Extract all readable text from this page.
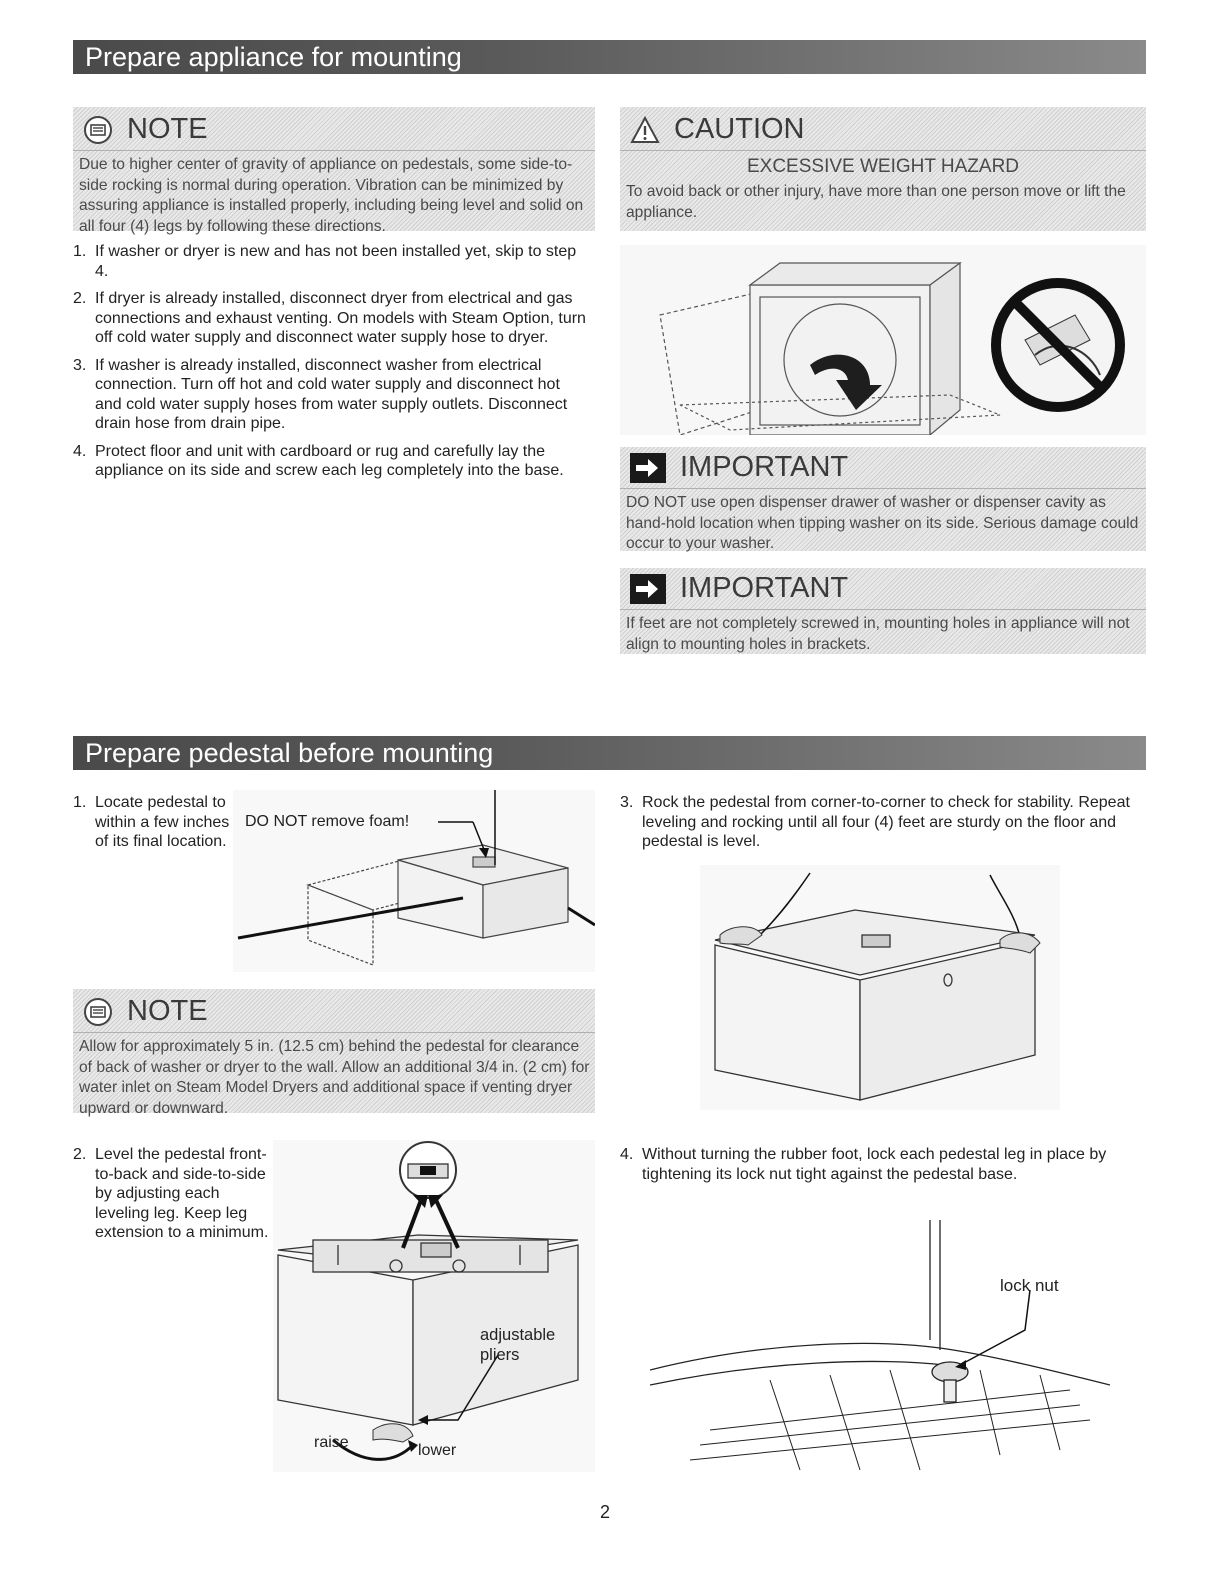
Prepare appliance for mounting
NOTE
Due to higher center of gravity of appliance on pedestals, some side-to-side rocking is normal during operation. Vibration can be minimized by assuring appliance is installed properly, including being level and solid on all four (4) legs by following these directions.
1. If washer or dryer is new and has not been installed yet, skip to step 4.
2. If dryer is already installed, disconnect dryer from electrical and gas connections and exhaust venting. On models with Steam Option, turn off cold water supply and disconnect water supply hose to dryer.
3. If washer is already installed, disconnect washer from electrical connection. Turn off hot and cold water supply and disconnect hot and cold water supply hoses from water supply outlets. Disconnect drain hose from drain pipe.
4. Protect floor and unit with cardboard or rug and carefully lay the appliance on its side and screw each leg completely into the base.
CAUTION
EXCESSIVE WEIGHT HAZARD
To avoid back or other injury, have more than one person move or lift the appliance.
IMPORTANT
DO NOT use open dispenser drawer of washer or dispenser cavity as hand-hold location when tipping washer on its side. Serious damage could occur to your washer.
IMPORTANT
If feet are not completely screwed in, mounting holes in appliance will not align to mounting holes in brackets.
Prepare pedestal before mounting
1. Locate pedestal to within a few inches of its final location.
DO NOT remove foam!
NOTE
Allow for approximately 5 in. (12.5 cm) behind the pedestal for clearance of back of washer or dryer to the wall. Allow an additional 3/4 in. (2 cm) for water inlet on Steam Model Dryers and additional space if venting dryer upward or downward.
2. Level the pedestal front-to-back and side-to-side by adjusting each leveling leg. Keep leg extension to a minimum.
adjustable pliers
raise	lower
3. Rock the pedestal from corner-to-corner to check for stability. Repeat leveling and rocking until all four (4) feet are sturdy on the floor and pedestal is level.
4. Without turning the rubber foot, lock each pedestal leg in place by tightening its lock nut tight against the pedestal base.
lock nut
2
